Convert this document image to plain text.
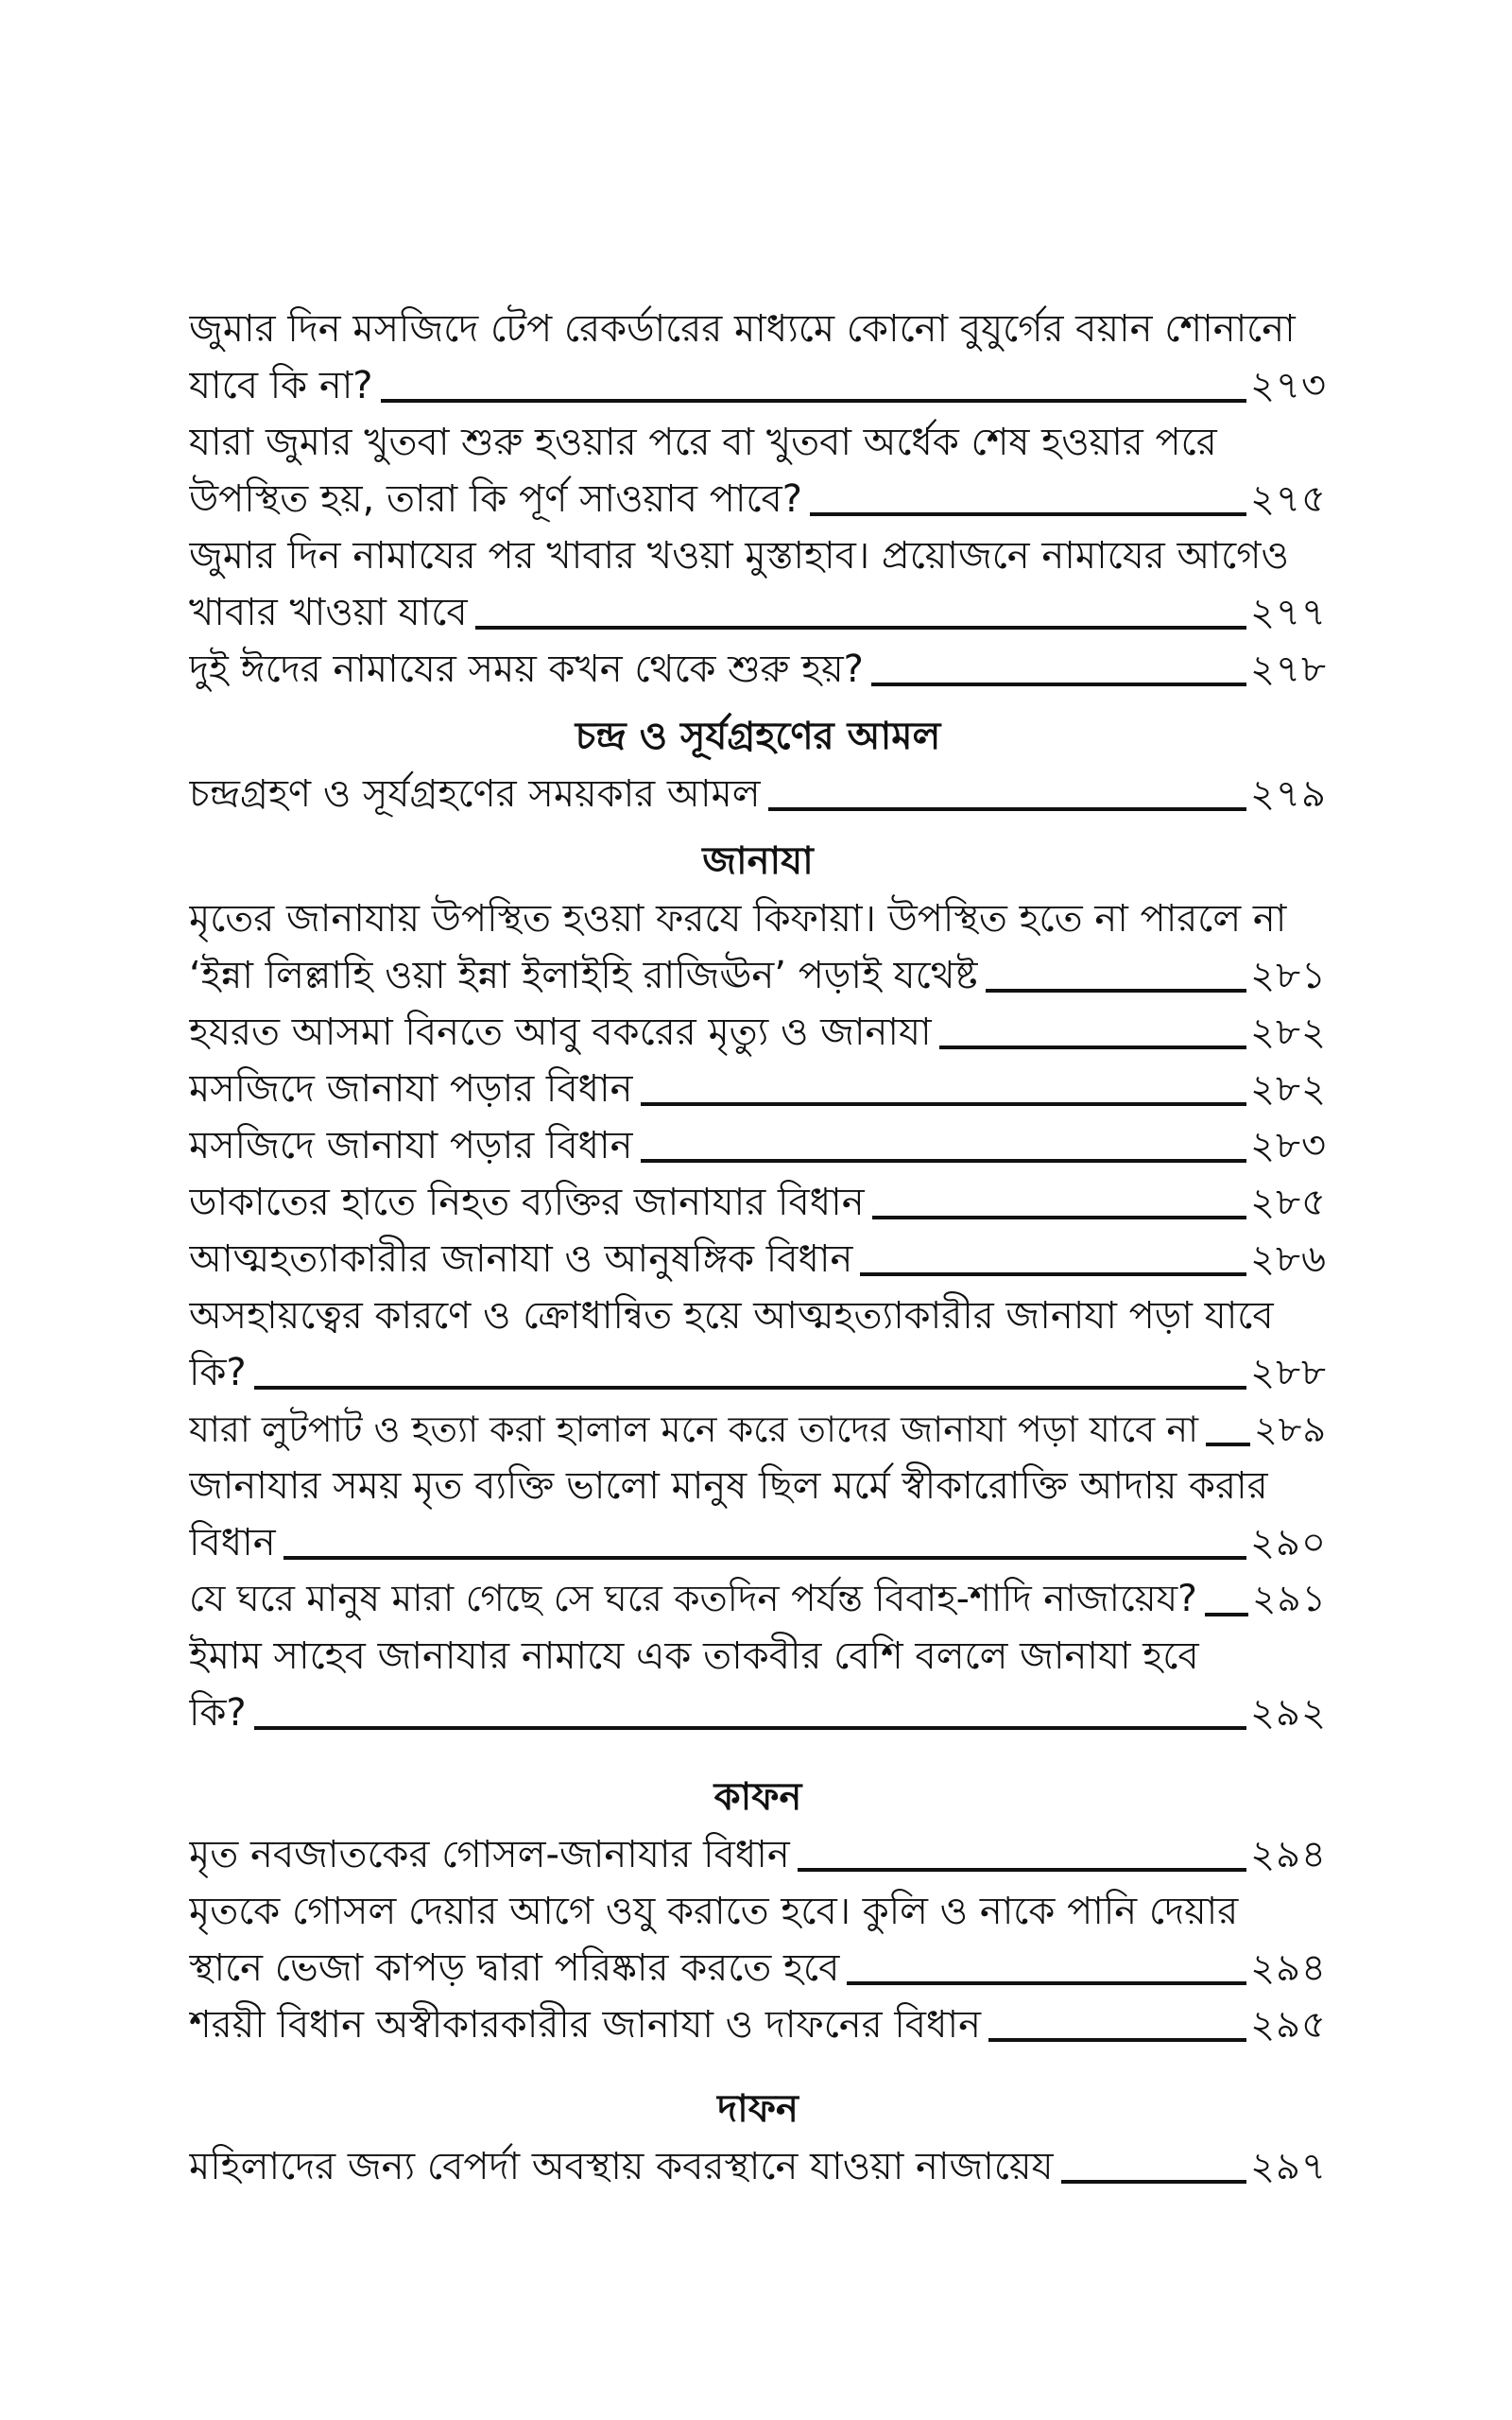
জুমার দিন মসজিদে টেপ রেকর্ডারের মাধ্যমে কোনো বুযুর্গের বয়ান শোনানো
যাবে কি না?	২৭৩
যারা জুমার খুতবা শুরু হওয়ার পরে বা খুতবা অর্ধেক শেষ হওয়ার পরে
উপস্থিত হয়, তারা কি পূর্ণ সাওয়াব পাবে?	২৭৫
জুমার দিন নামাযের পর খাবার খওয়া মুস্তাহাব। প্রয়োজনে নামাযের আগেও
খাবার খাওয়া যাবে	২৭৭
দুই ঈদের নামাযের সময় কখন থেকে শুরু হয়?	২৭৮
চন্দ্র ও সূর্যগ্রহণের আমল
চন্দ্রগ্রহণ ও সূর্যগ্রহণের সময়কার আমল	২৭৯
জানাযা
মৃতের জানাযায় উপস্থিত হওয়া ফরযে কিফায়া। উপস্থিত হতে না পারলে না
‘ইন্না লিল্লাহি ওয়া ইন্না ইলাইহি রাজিঊন’ পড়াই যথেষ্ট	২৮১
হযরত আসমা বিনতে আবু বকরের মৃত্যু ও জানাযা	২৮২
মসজিদে জানাযা পড়ার বিধান	২৮২
মসজিদে জানাযা পড়ার বিধান	২৮৩
ডাকাতের হাতে নিহত ব্যক্তির জানাযার বিধান	২৮৫
আত্মহত্যাকারীর জানাযা ও আনুষঙ্গিক বিধান	২৮৬
অসহায়ত্বের কারণে ও ক্রোধান্বিত হয়ে আত্মহত্যাকারীর জানাযা পড়া যাবে
কি?	২৮৮
যারা লুটপাট ও হত্যা করা হালাল মনে করে তাদের জানাযা পড়া যাবে না ২৮৯
জানাযার সময় মৃত ব্যক্তি ভালো মানুষ ছিল মর্মে স্বীকারোক্তি আদায় করার
বিধান	২৯০
যে ঘরে মানুষ মারা গেছে সে ঘরে কতদিন পর্যন্ত বিবাহ-শাদি নাজায়েয? ২৯১
ইমাম সাহেব জানাযার নামাযে এক তাকবীর বেশি বললে জানাযা হবে
কি?	২৯২
কাফন
মৃত নবজাতকের গোসল-জানাযার বিধান	২৯৪
মৃতকে গোসল দেয়ার আগে ওযু করাতে হবে। কুলি ও নাকে পানি দেয়ার
স্থানে ভেজা কাপড় দ্বারা পরিষ্কার করতে হবে	২৯৪
শরয়ী বিধান অস্বীকারকারীর জানাযা ও দাফনের বিধান	২৯৫
দাফন
মহিলাদের জন্য বেপর্দা অবস্থায় কবরস্থানে যাওয়া নাজায়েয	২৯৭
